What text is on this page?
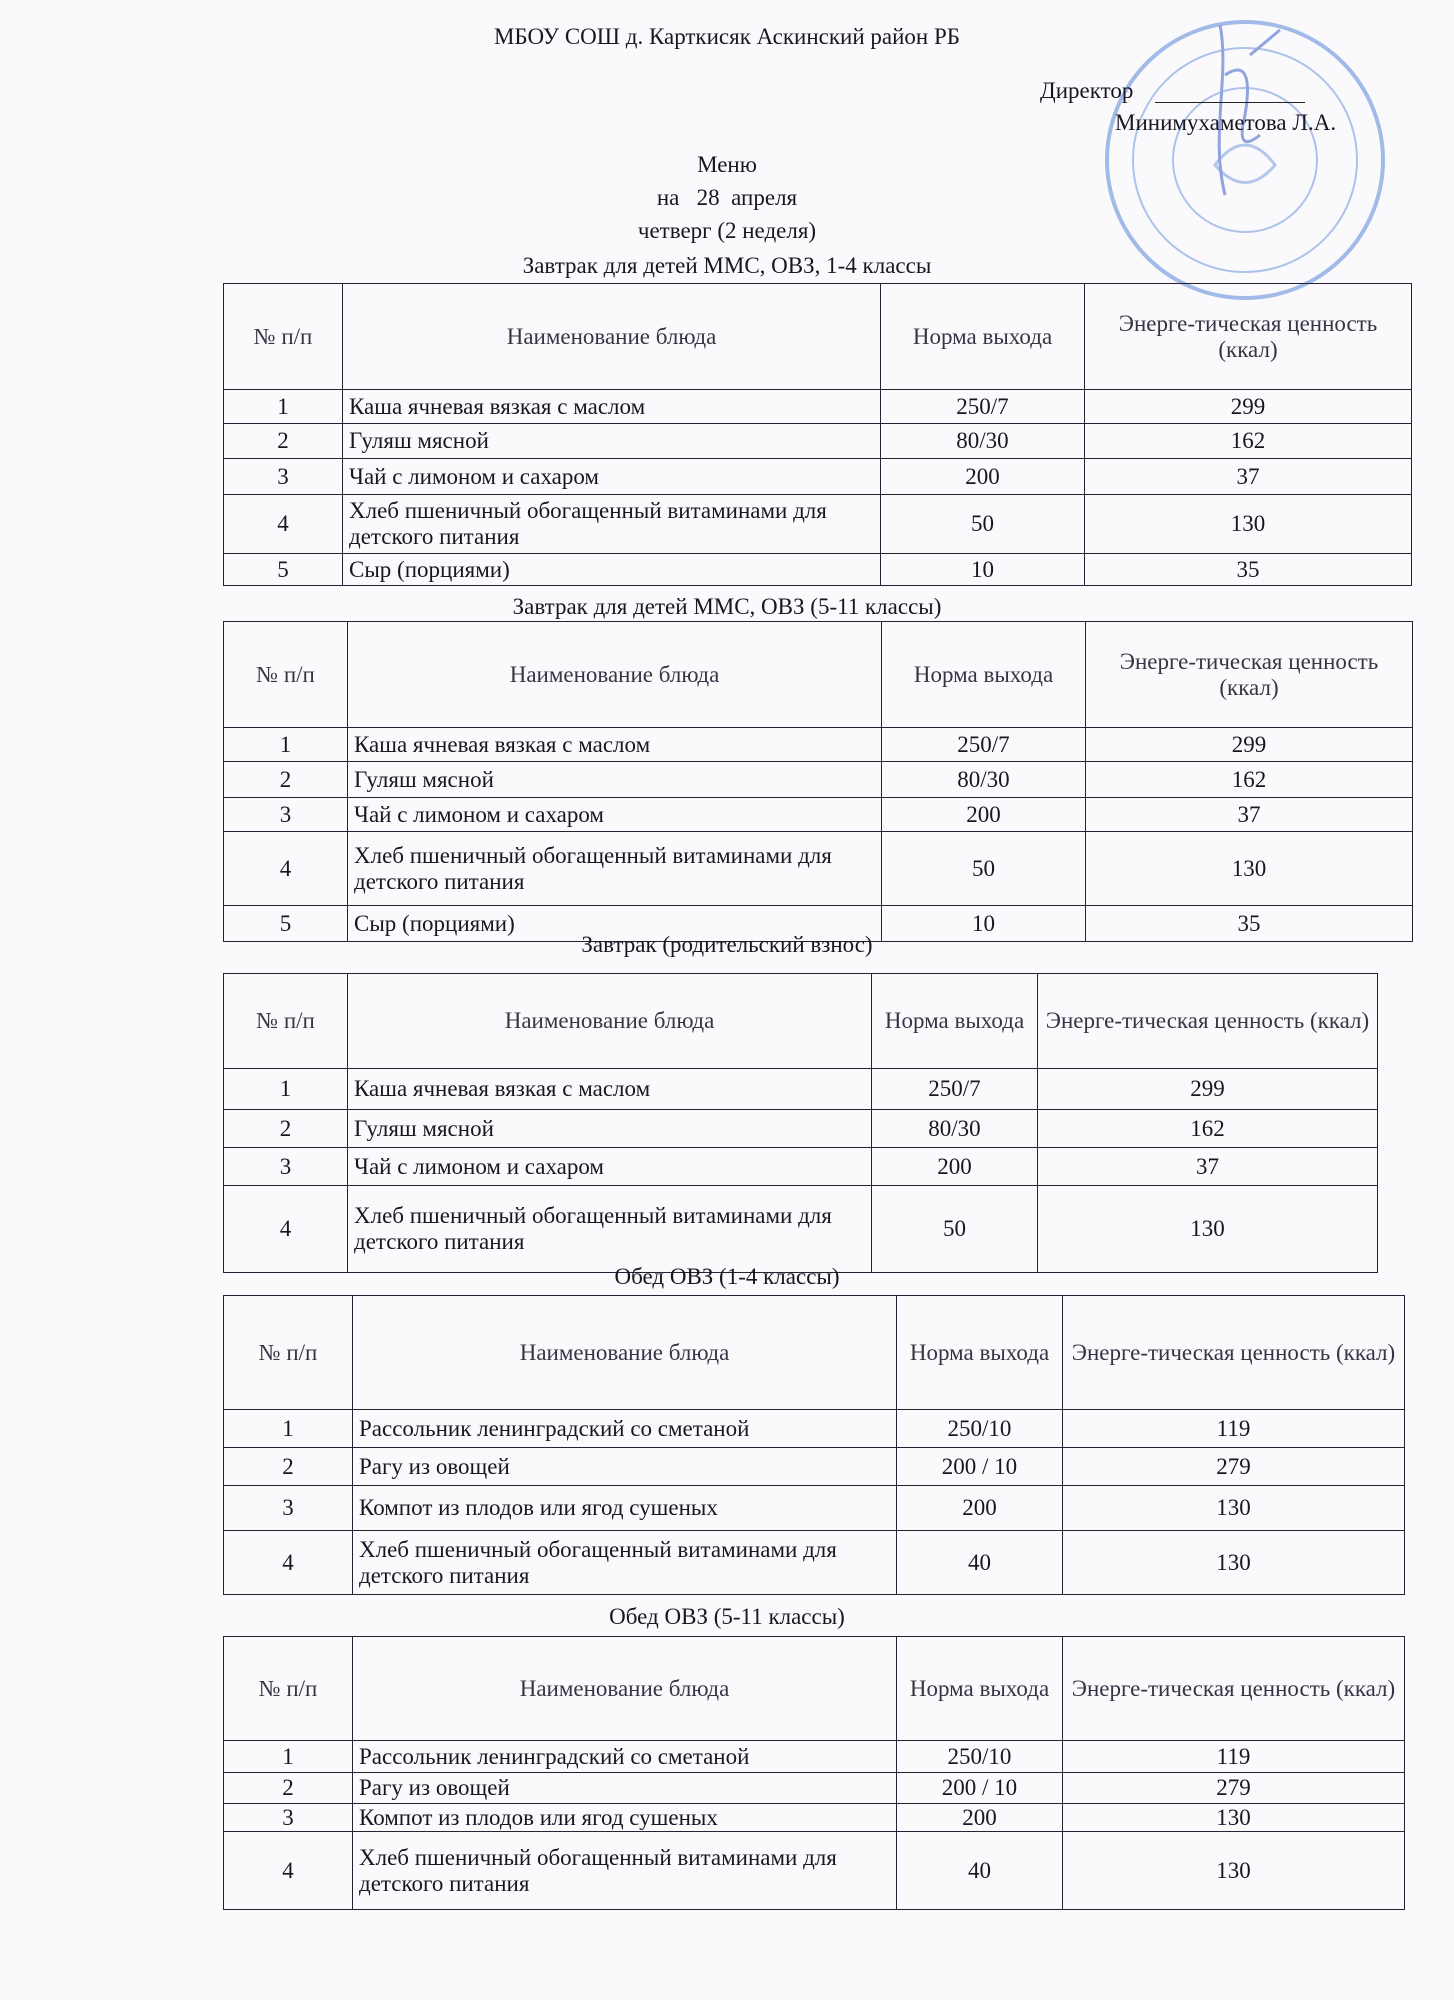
МБОУ СОШ д. Карткисяк Аскинский район РБ
Директор
Минимухаметова Л.А.
Меню
на   28  апреля
четверг (2 неделя)
Завтрак для детей ММС, ОВЗ, 1-4 классы
№ п/п	Наименование блюда	Норма выхода	Энерге-тическая ценность (ккал)
1	Каша ячневая вязкая с маслом	250/7	299
2	Гуляш мясной	80/30	162
3	Чай с лимоном и сахаром	200	37
4	Хлеб пшеничный обогащенный витаминами для детского питания	50	130
5	Сыр (порциями)	10	35
Завтрак для детей ММС, ОВЗ (5-11 классы)
№ п/п	Наименование блюда	Норма выхода	Энерге-тическая ценность (ккал)
1	Каша ячневая вязкая с маслом	250/7	299
2	Гуляш мясной	80/30	162
3	Чай с лимоном и сахаром	200	37
4	Хлеб пшеничный обогащенный витаминами для детского питания	50	130
5	Сыр (порциями)	10	35
Завтрак (родительский взнос)
№ п/п	Наименование блюда	Норма выхода	Энерге-тическая ценность (ккал)
1	Каша ячневая вязкая с маслом	250/7	299
2	Гуляш мясной	80/30	162
3	Чай с лимоном и сахаром	200	37
4	Хлеб пшеничный обогащенный витаминами для детского питания	50	130
Обед ОВЗ (1-4 классы)
№ п/п	Наименование блюда	Норма выхода	Энерге-тическая ценность (ккал)
1	Рассольник ленинградский со сметаной	250/10	119
2	Рагу из овощей	200 / 10	279
3	Компот из плодов или ягод сушеных	200	130
4	Хлеб пшеничный обогащенный витаминами для детского питания	40	130
Обед ОВЗ (5-11 классы)
№ п/п	Наименование блюда	Норма выхода	Энерге-тическая ценность (ккал)
1	Рассольник ленинградский со сметаной	250/10	119
2	Рагу из овощей	200 / 10	279
3	Компот из плодов или ягод сушеных	200	130
4	Хлеб пшеничный обогащенный витаминами для детского питания	40	130
